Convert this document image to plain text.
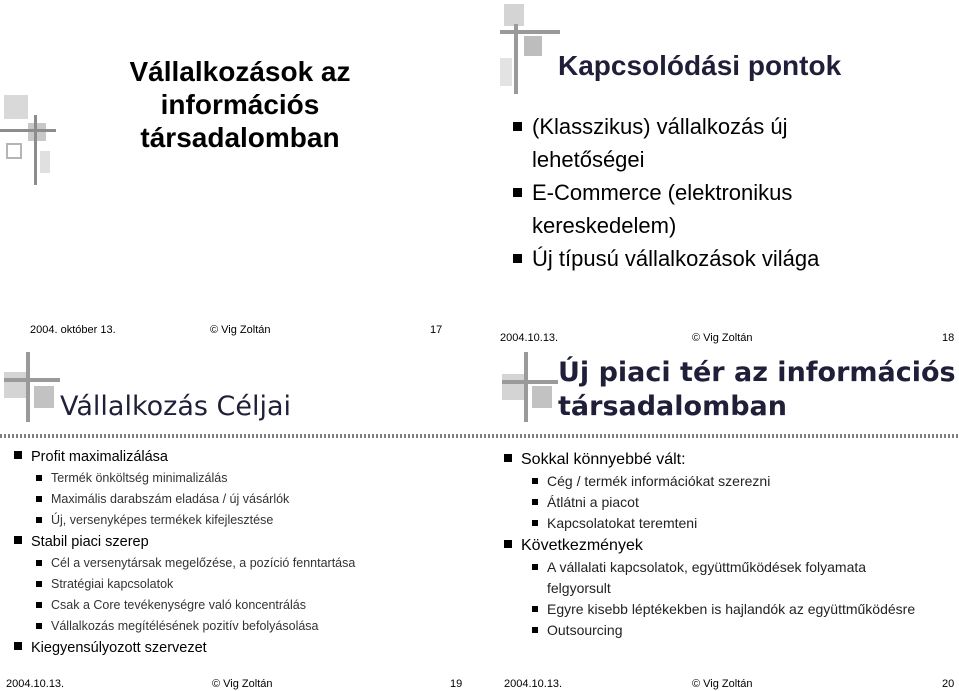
Vállalkozások az
információs
társadalomban
2004. október 13.	© Vig Zoltán	17
Kapcsolódási pontok
(Klasszikus) vállalkozás új
lehetőségei
E-Commerce (elektronikus
kereskedelem)
Új típusú vállalkozások világa
2004.10.13.	© Vig Zoltán	18
Vállalkozás Céljai
Profit maximalizálása
Termék önköltség minimalizálás
Maximális darabszám eladása / új vásárlók
Új, versenyképes termékek kifejlesztése
Stabil piaci szerep
Cél a versenytársak megelőzése, a pozíció fenntartása
Stratégiai kapcsolatok
Csak a Core tevékenységre való koncentrálás
Vállalkozás megítélésének pozitív befolyásolása
Kiegyensúlyozott szervezet
2004.10.13.	© Vig Zoltán	19
Új piaci tér az információs
társadalomban
Sokkal könnyebbé vált:
Cég / termék információkat szerezni
Átlátni a piacot
Kapcsolatokat teremteni
Következmények
A vállalati kapcsolatok, együttműködések folyamata
felgyorsult
Egyre kisebb léptékekben is hajlandók az együttműködésre
Outsourcing
2004.10.13.	© Vig Zoltán	20
